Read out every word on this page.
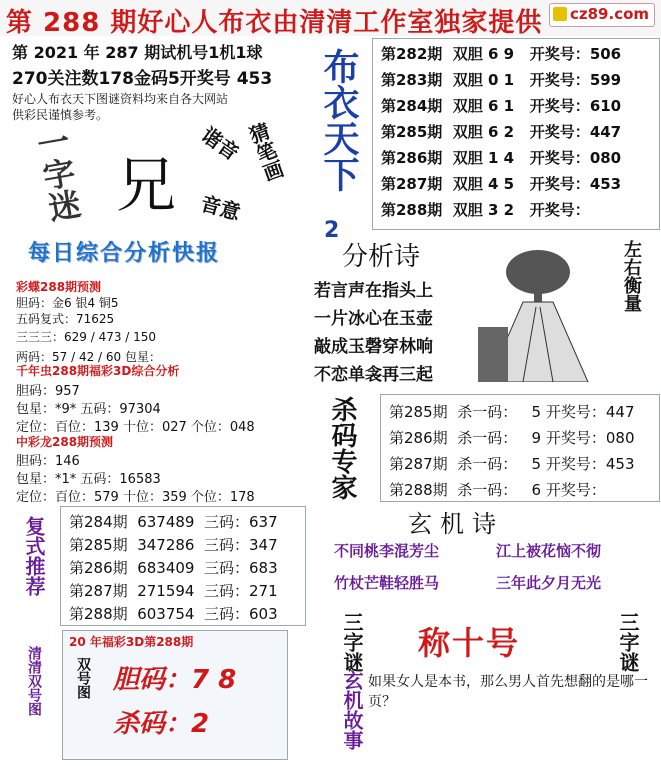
第 288 期好心人布衣由清清工作室独家提供 cz89.com
第 2021 年 287 期试机号1机1球
270关注数178金码5开奖号 453
好心人布衣天下图谜资料均来自各大网站
供彩民谨慎参考。
一字迷 兄
谐音 猜笔画
音意
布衣天下
2
第282期 双胆 6 9 开奖号：506
第283期 双胆 0 1 开奖号：599
第284期 双胆 6 1 开奖号：610
第285期 双胆 6 2 开奖号：447
第286期 双胆 1 4 开奖号：080
第287期 双胆 4 5 开奖号：453
第288期 双胆 3 2 开奖号：
每日综合分析快报
彩蝶288期预测
胆码：金6 银4 铜5
五码复式：71625
三三三：629 / 473 / 150
两码：57 / 42 / 60 包星：
千年虫288期福彩3D综合分析
胆码：957
包星：*9* 五码：97304
定位：百位：139 十位：027 个位：048
中彩龙288期预测
胆码：146
包星：*1* 五码：16583
定位：百位：579 十位：359 个位：178
分析诗
若言声在指头上
一片冰心在玉壶
敲成玉磬穿林响
不恋单衾再三起
左右衡量
杀码专家 第285期 杀一码： 5 开奖号：447
第286期 杀一码： 9 开奖号：080
第287期 杀一码： 5 开奖号：453
第288期 杀一码： 6 开奖号：
复式推荐 第284期 637489 三码：637
第285期 347286 三码：347
第286期 683409 三码：683
第287期 271594 三码：271
第288期 603754 三码：603
玄机诗
不同桃李混芳尘	江上被花恼不彻
竹杖芒鞋轻胜马	三年此夕月无光
清清双号图
20 年福彩3D第288期
双号图 胆码：7 8
杀码：2
三字谜
玄机故事
称十号	三字谜
如果女人是本书，那么男人首先想翻的是哪一页？
